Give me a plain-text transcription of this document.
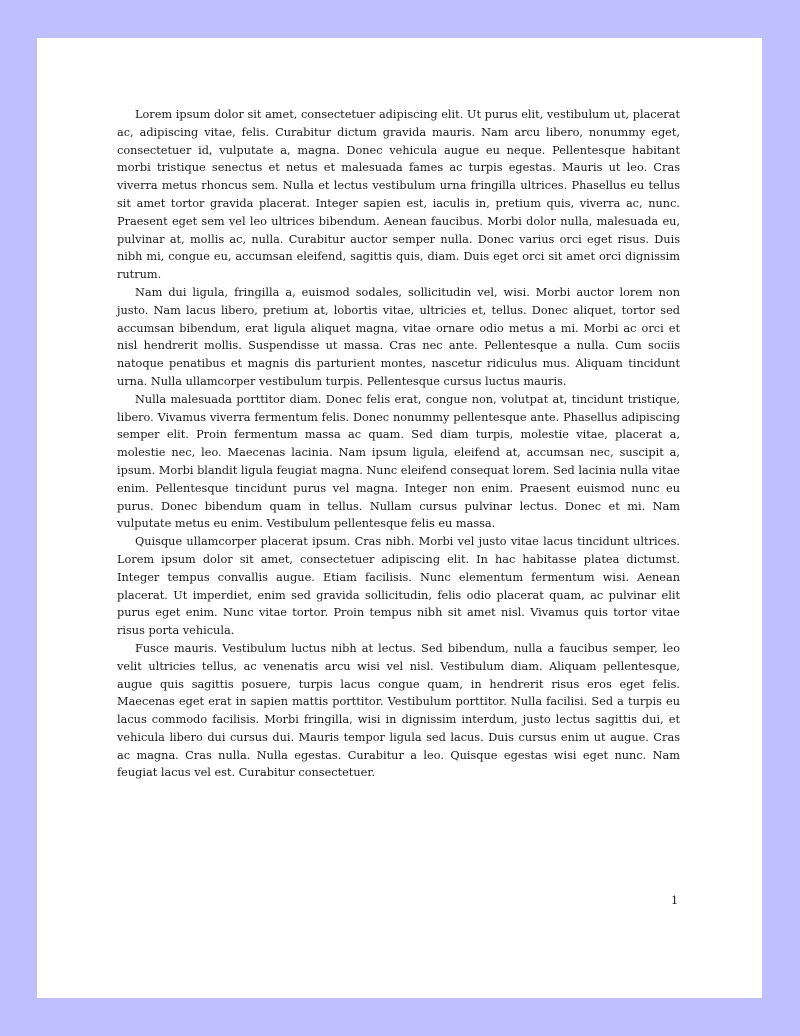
Lorem ipsum dolor sit amet, consectetuer adipiscing elit. Ut purus elit, vestibulum ut, placerat ac, adipiscing vitae, felis. Curabitur dictum gravida mauris. Nam arcu libero, nonummy eget, consectetuer id, vulputate a, magna. Donec vehicula augue eu neque. Pellentesque habitant morbi tristique senectus et netus et malesuada fames ac turpis egestas. Mauris ut leo. Cras viverra metus rhoncus sem. Nulla et lectus vestibulum urna fringilla ultrices. Phasellus eu tellus sit amet tortor gravida placerat. Integer sapien est, iaculis in, pretium quis, viverra ac, nunc. Praesent eget sem vel leo ultrices bibendum. Aenean faucibus. Morbi dolor nulla, malesuada eu, pulvinar at, mollis ac, nulla. Curabitur auctor semper nulla. Donec varius orci eget risus. Duis nibh mi, congue eu, accumsan eleifend, sagittis quis, diam. Duis eget orci sit amet orci dignissim rutrum.

Nam dui ligula, fringilla a, euismod sodales, sollicitudin vel, wisi. Morbi auctor lorem non justo. Nam lacus libero, pretium at, lobortis vitae, ultricies et, tellus. Donec aliquet, tortor sed accumsan bibendum, erat ligula aliquet magna, vitae ornare odio metus a mi. Morbi ac orci et nisl hendrerit mollis. Suspendisse ut massa. Cras nec ante. Pellentesque a nulla. Cum sociis natoque penatibus et magnis dis parturient montes, nascetur ridiculus mus. Aliquam tincidunt urna. Nulla ullamcorper vestibulum turpis. Pellentesque cursus luctus mauris.

Nulla malesuada porttitor diam. Donec felis erat, congue non, volutpat at, tincidunt tristique, libero. Vivamus viverra fermentum felis. Donec nonummy pellentesque ante. Phasellus adipiscing semper elit. Proin fermentum massa ac quam. Sed diam turpis, molestie vitae, placerat a, molestie nec, leo. Maecenas lacinia. Nam ipsum ligula, eleifend at, accumsan nec, suscipit a, ipsum. Morbi blandit ligula feugiat magna. Nunc eleifend consequat lorem. Sed lacinia nulla vitae enim. Pellentesque tincidunt purus vel magna. Integer non enim. Praesent euismod nunc eu purus. Donec bibendum quam in tellus. Nullam cursus pulvinar lectus. Donec et mi. Nam vulputate metus eu enim. Vestibulum pellentesque felis eu massa.

Quisque ullamcorper placerat ipsum. Cras nibh. Morbi vel justo vitae lacus tincidunt ultrices. Lorem ipsum dolor sit amet, consectetuer adipiscing elit. In hac habitasse platea dictumst. Integer tempus convallis augue. Etiam facilisis. Nunc elementum fermentum wisi. Aenean placerat. Ut imperdiet, enim sed gravida sollicitudin, felis odio placerat quam, ac pulvinar elit purus eget enim. Nunc vitae tortor. Proin tempus nibh sit amet nisl. Vivamus quis tortor vitae risus porta vehicula.

Fusce mauris. Vestibulum luctus nibh at lectus. Sed bibendum, nulla a faucibus semper, leo velit ultricies tellus, ac venenatis arcu wisi vel nisl. Vestibulum diam. Aliquam pellentesque, augue quis sagittis posuere, turpis lacus congue quam, in hendrerit risus eros eget felis. Maecenas eget erat in sapien mattis porttitor. Vestibulum porttitor. Nulla facilisi. Sed a turpis eu lacus commodo facilisis. Morbi fringilla, wisi in dignissim interdum, justo lectus sagittis dui, et vehicula libero dui cursus dui. Mauris tempor ligula sed lacus. Duis cursus enim ut augue. Cras ac magna. Cras nulla. Nulla egestas. Curabitur a leo. Quisque egestas wisi eget nunc. Nam feugiat lacus vel est. Curabitur consectetuer.

1
